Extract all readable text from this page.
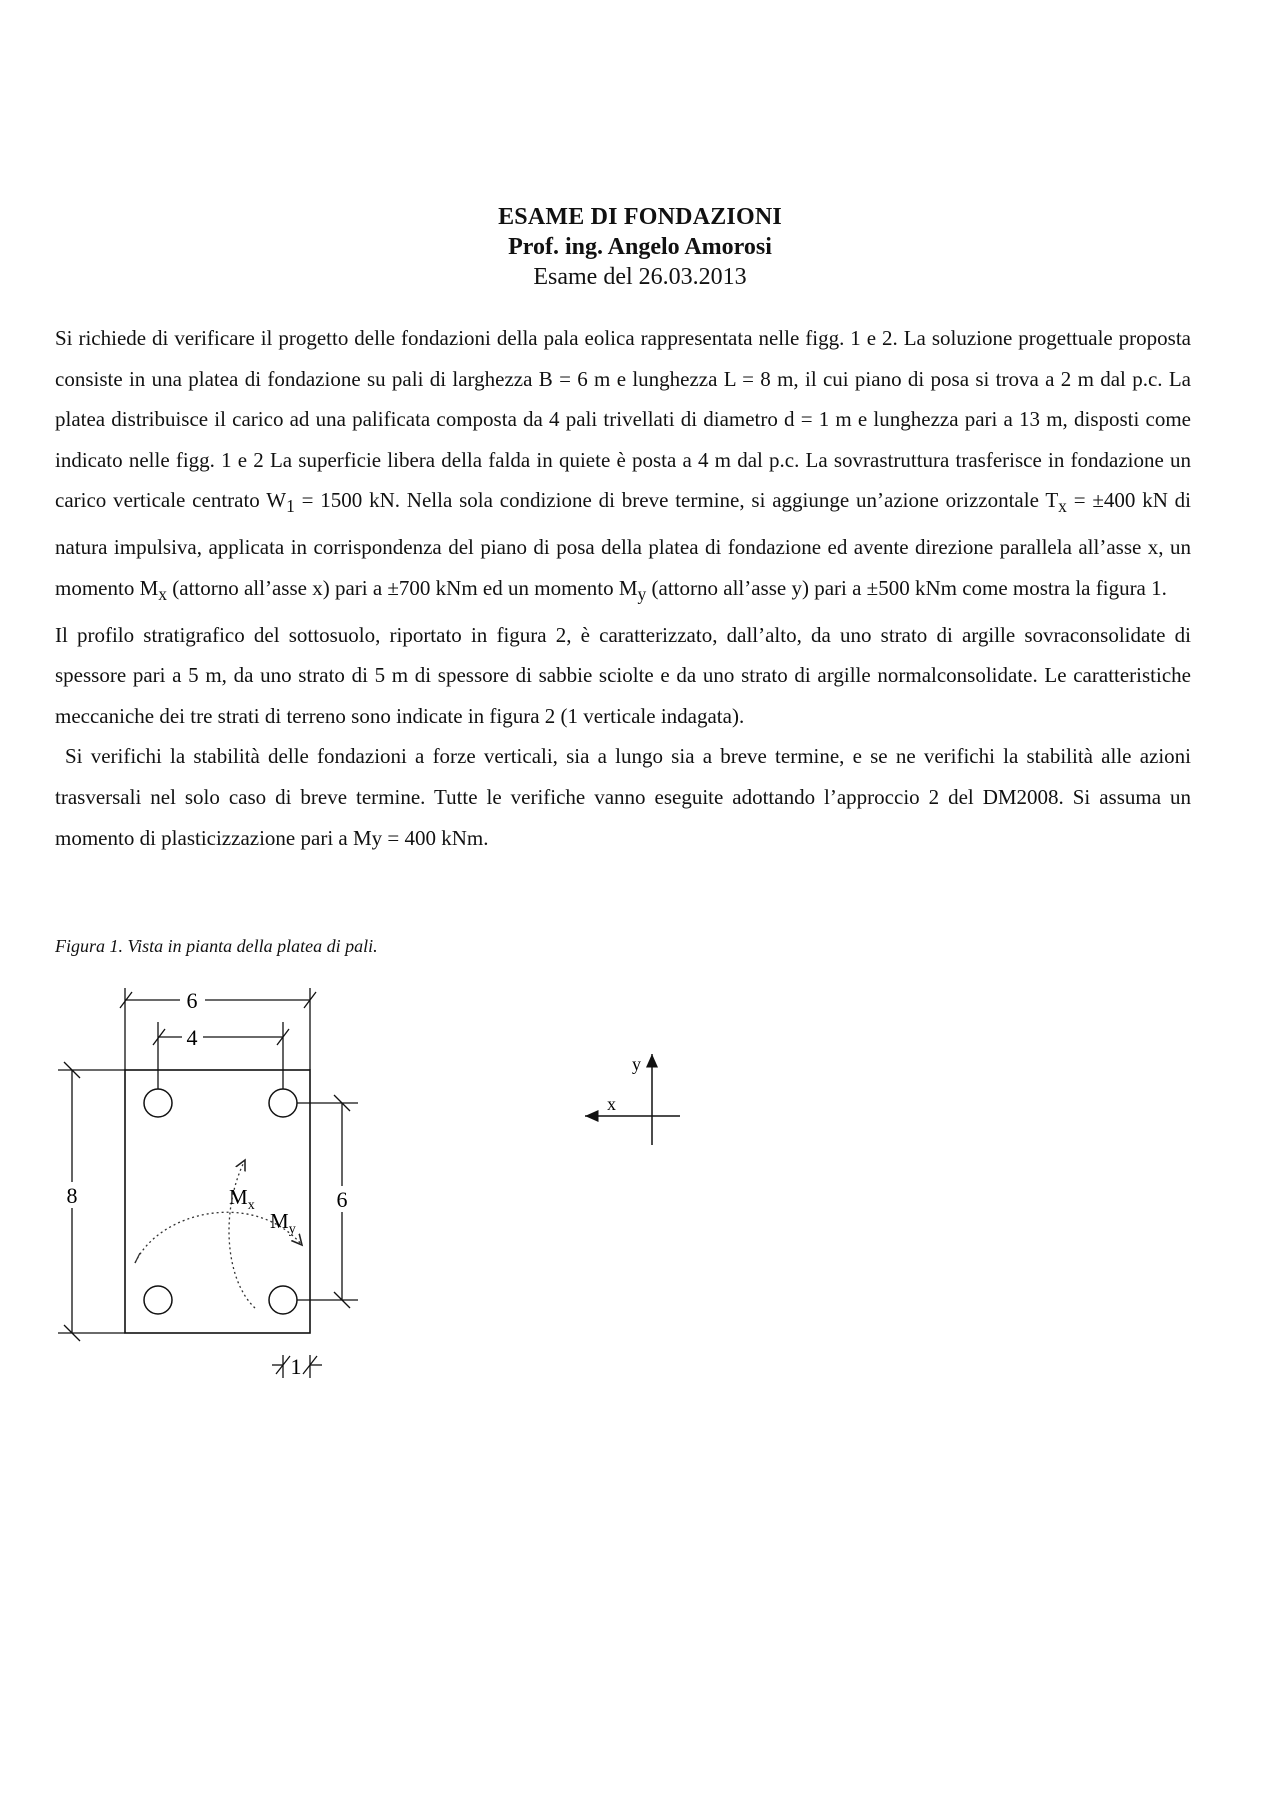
ESAME DI FONDAZIONI
Prof. ing. Angelo Amorosi
Esame del 26.03.2013

Si richiede di verificare il progetto delle fondazioni della pala eolica rappresentata nelle figg. 1 e 2. La soluzione progettuale proposta consiste in una platea di fondazione su pali di larghezza B = 6 m e lunghezza L = 8 m, il cui piano di posa si trova a 2 m dal p.c. La platea distribuisce il carico ad una palificata composta da 4 pali trivellati di diametro d = 1 m e lunghezza pari a 13 m, disposti come indicato nelle figg. 1 e 2 La superficie libera della falda in quiete è posta a 4 m dal p.c. La sovrastruttura trasferisce in fondazione un carico verticale centrato $W_1 = 1500$ kN. Nella sola condizione di breve termine, si aggiunge un’azione orizzontale $T_x = \pm 400$ kN di natura impulsiva, applicata in corrispondenza del piano di posa della platea di fondazione ed avente direzione parallela all’asse x, un momento $M_x$ (attorno all’asse x) pari a ±700 kNm ed un momento $M_y$ (attorno all’asse y) pari a ±500 kNm come mostra la figura 1.

Il profilo stratigrafico del sottosuolo, riportato in figura 2, è caratterizzato, dall’alto, da uno strato di argille sovraconsolidate di spessore pari a 5 m, da uno strato di 5 m di spessore di sabbie sciolte e da uno strato di argille normalconsolidate. Le caratteristiche meccaniche dei tre strati di terreno sono indicate in figura 2 (1 verticale indagata).

Si verifichi la stabilità delle fondazioni a forze verticali, sia a lungo sia a breve termine, e se ne verifichi la stabilità alle azioni trasversali nel solo caso di breve termine. Tutte le verifiche vanno eseguite adottando l’approccio 2 del DM2008. Si assuma un momento di plasticizzazione pari a My = 400 kNm.

Figura 1. Vista in pianta della platea di pali.
6
4
8	6
1
$M_x$
$M_y$
y
x
